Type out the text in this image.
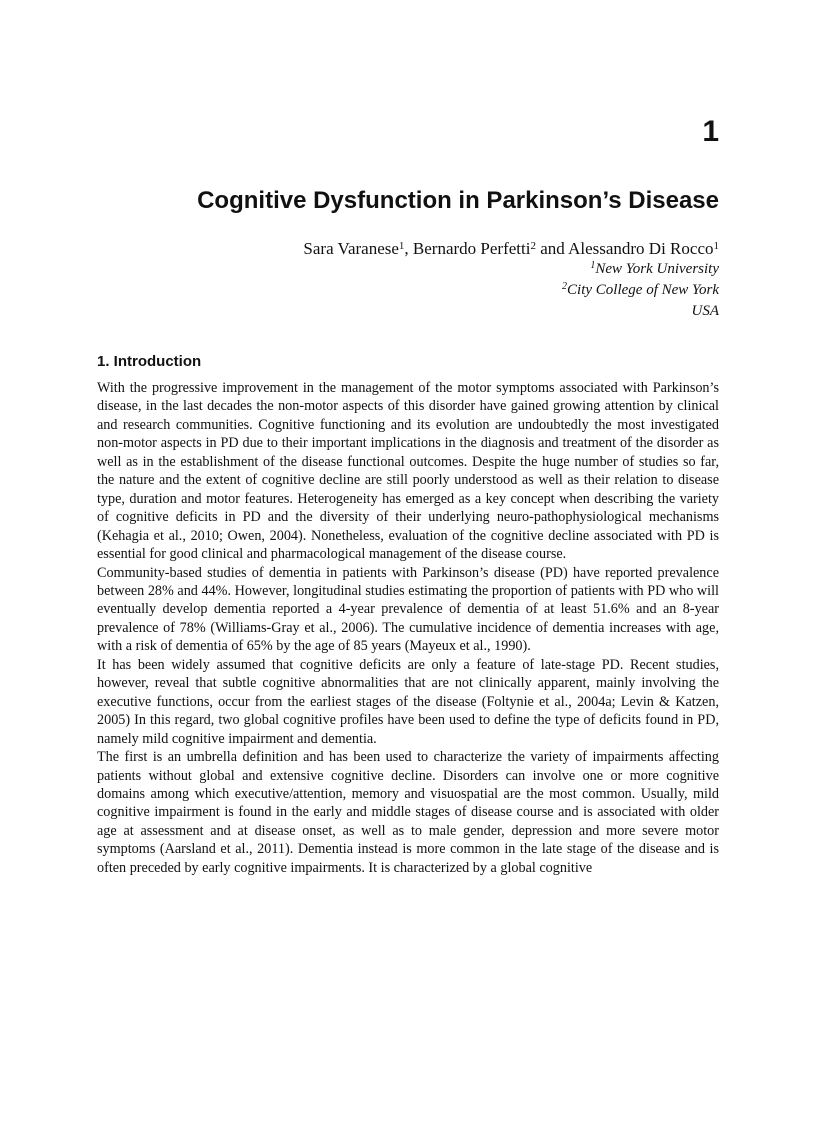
1
Cognitive Dysfunction in Parkinson’s Disease

Sara Varanese$^1$, Bernardo Perfetti$^2$ and Alessandro Di Rocco$^1$

$^1$New York University
$^2$City College of New York
USA
1. Introduction

With the progressive improvement in the management of the motor symptoms associated with Parkinson’s disease, in the last decades the non-motor aspects of this disorder have gained growing attention by clinical and research communities. Cognitive functioning and its evolution are undoubtedly the most investigated non-motor aspects in PD due to their important implications in the diagnosis and treatment of the disorder as well as in the establishment of the disease functional outcomes. Despite the huge number of studies so far, the nature and the extent of cognitive decline are still poorly understood as well as their relation to disease type, duration and motor features. Heterogeneity has emerged as a key concept when describing the variety of cognitive deficits in PD and the diversity of their underlying neuro-pathophysiological mechanisms (Kehagia et al., 2010; Owen, 2004). Nonetheless, evaluation of the cognitive decline associated with PD is essential for good clinical and pharmacological management of the disease course.

Community-based studies of dementia in patients with Parkinson’s disease (PD) have reported prevalence between 28% and 44%. However, longitudinal studies estimating the proportion of patients with PD who will eventually develop dementia reported a 4-year prevalence of dementia of at least 51.6% and an 8-year prevalence of 78% (Williams-Gray et al., 2006). The cumulative incidence of dementia increases with age, with a risk of dementia of 65% by the age of 85 years (Mayeux et al., 1990).

It has been widely assumed that cognitive deficits are only a feature of late-stage PD. Recent studies, however, reveal that subtle cognitive abnormalities that are not clinically apparent, mainly involving the executive functions, occur from the earliest stages of the disease (Foltynie et al., 2004a; Levin & Katzen, 2005) In this regard, two global cognitive profiles have been used to define the type of deficits found in PD, namely mild cognitive impairment and dementia.

The first is an umbrella definition and has been used to characterize the variety of impairments affecting patients without global and extensive cognitive decline. Disorders can involve one or more cognitive domains among which executive/attention, memory and visuospatial are the most common. Usually, mild cognitive impairment is found in the early and middle stages of disease course and is associated with older age at assessment and at disease onset, as well as to male gender, depression and more severe motor symptoms (Aarsland et al., 2011). Dementia instead is more common in the late stage of the disease and is often preceded by early cognitive impairments. It is characterized by a global cognitive
